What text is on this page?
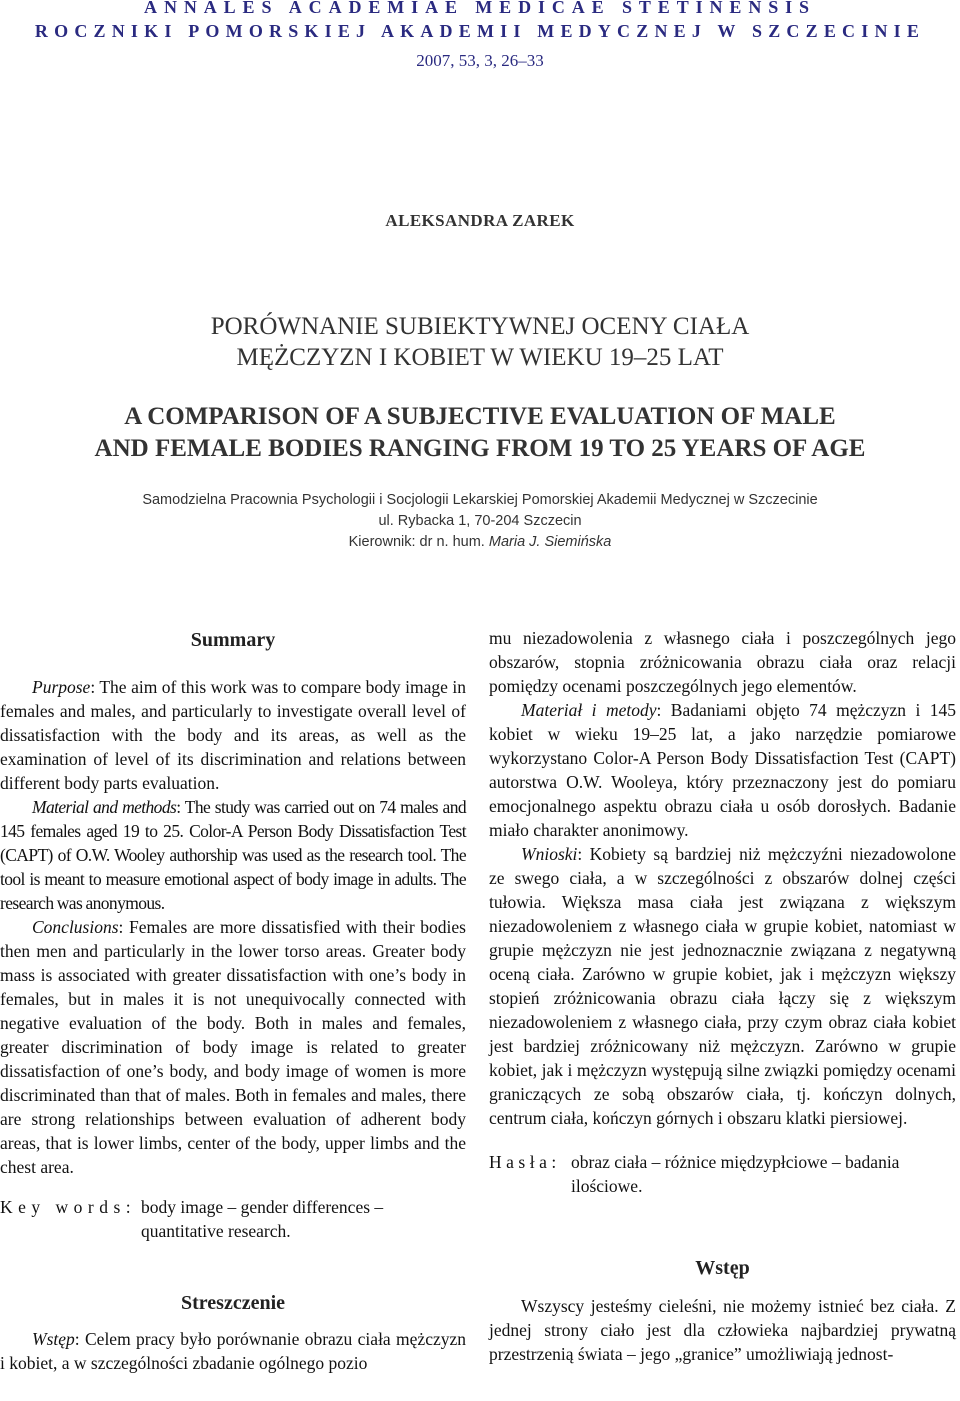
ANNALES ACADEMIAE MEDICAE STETINENSIS
ROCZNIKI POMORSKIEJ AKADEMII MEDYCZNEJ W SZCZECINIE
2007, 53, 3, 26–33
ALEKSANDRA ZAREK
PORÓWNANIE SUBIEKTYWNEJ OCENY CIAŁA
MĘŻCZYZN I KOBIET W WIEKU 19–25 LAT
A COMPARISON OF A SUBJECTIVE EVALUATION OF MALE
AND FEMALE BODIES RANGING FROM 19 TO 25 YEARS OF AGE
Samodzielna Pracownia Psychologii i Socjologii Lekarskiej Pomorskiej Akademii Medycznej w Szczecinie
ul. Rybacka 1, 70-204 Szczecin
Kierownik: dr n. hum. Maria J. Siemińska
Summary

Purpose: The aim of this work was to compare body image in females and males, and particularly to investigate overall level of dissatisfaction with the body and its areas, as well as the examination of level of its discrimination and relations between different body parts evaluation.

Material and methods: The study was carried out on 74 males and 145 females aged 19 to 25. Color-A Person Body Dissatisfaction Test (CAPT) of O.W. Wooley authorship was used as the research tool. The tool is meant to measure emotional aspect of body image in adults. The research was anonymous.

Conclusions: Females are more dissatisfied with their bodies then men and particularly in the lower torso areas. Greater body mass is associated with greater dissatisfaction with one’s body in females, but in males it is not unequivocally connected with negative evaluation of the body. Both in males and females, greater discrimination of body image is related to greater dissatisfaction of one’s body, and body image of women is more discriminated than that of males. Both in females and males, there are strong relationships between evaluation of adherent body areas, that is lower limbs, center of the body, upper limbs and the chest area.

Key words: body image – gender differences – quantitative research.
Streszczenie

Wstęp: Celem pracy było porównanie obrazu ciała mężczyzn i kobiet, a w szczególności zbadanie ogólnego pozio

mu niezadowolenia z własnego ciała i poszczególnych jego obszarów, stopnia zróżnicowania obrazu ciała oraz relacji pomiędzy ocenami poszczególnych jego elementów.

Materiał i metody: Badaniami objęto 74 mężczyzn i 145 kobiet w wieku 19–25 lat, a jako narzędzie pomiarowe wykorzystano Color-A Person Body Dissatisfaction Test (CAPT) autorstwa O.W. Wooleya, który przeznaczony jest do pomiaru emocjonalnego aspektu obrazu ciała u osób dorosłych. Badanie miało charakter anonimowy.

Wnioski: Kobiety są bardziej niż mężczyźni niezadowolone ze swego ciała, a w szczególności z obszarów dolnej części tułowia. Większa masa ciała jest związana z większym niezadowoleniem z własnego ciała w grupie kobiet, natomiast w grupie mężczyzn nie jest jednoznacznie związana z negatywną oceną ciała. Zarówno w grupie kobiet, jak i mężczyzn większy stopień zróżnicowania obrazu ciała łączy się z większym niezadowoleniem z własnego ciała, przy czym obraz ciała kobiet jest bardziej zróżnicowany niż mężczyzn. Zarówno w grupie kobiet, jak i mężczyzn występują silne związki pomiędzy ocenami graniczących ze sobą obszarów ciała, tj. kończyn dolnych, centrum ciała, kończyn górnych i obszaru klatki piersiowej.

Hasła: obraz ciała – różnice międzypłciowe – badania ilościowe.
Wstęp

Wszyscy jesteśmy cieleśni, nie możemy istnieć bez ciała. Z jednej strony ciało jest dla człowieka najbardziej prywatną przestrzenią świata – jego „granice” umożliwiają jednost-
